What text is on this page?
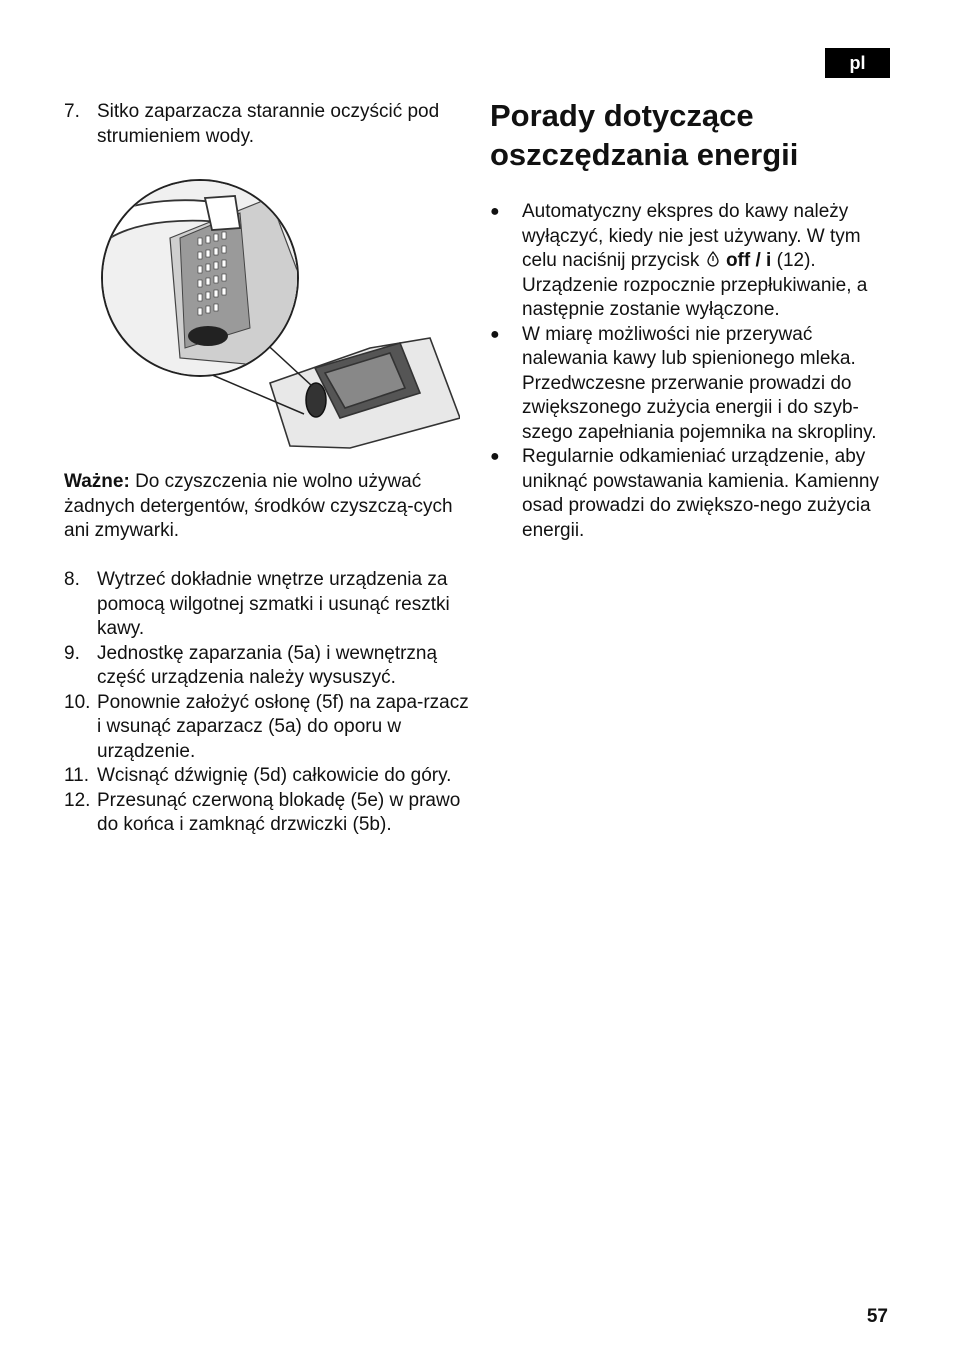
pl
7. Sitko zaparzacza starannie oczyścić pod strumieniem wody.
Ważne: Do czyszczenia nie wolno używać żadnych detergentów, środków czyszczą-cych ani zmywarki.
8. Wytrzeć dokładnie wnętrze urządzenia za pomocą wilgotnej szmatki i usunąć resztki kawy.
9. Jednostkę zaparzania (5a) i wewnętrzną część urządzenia należy wysuszyć.
10. Ponownie założyć osłonę (5f) na zapa-rzacz i wsunąć zaparzacz (5a) do oporu w urządzenie.
11. Wcisnąć dźwignię (5d) całkowicie do góry.
12. Przesunąć czerwoną blokadę (5e) w prawo do końca i zamknąć drzwiczki (5b).
Porady dotyczące oszczędzania energii
●	Automatyczny ekspres do kawy należy wyłączyć, kiedy nie jest używany. W tym celu naciśnij przycisk  off / i (12). Urządzenie rozpocznie przepłukiwanie, a następnie zostanie wyłączone.
●	W miarę możliwości nie przerywać nalewania kawy lub spienionego mleka. Przedwczesne przerwanie prowadzi do zwiększonego zużycia energii i do szyb-szego zapełniania pojemnika na skropliny.
●	Regularnie odkamieniać urządzenie, aby uniknąć powstawania kamienia. Kamienny osad prowadzi do zwiększo-nego zużycia energii.
57
